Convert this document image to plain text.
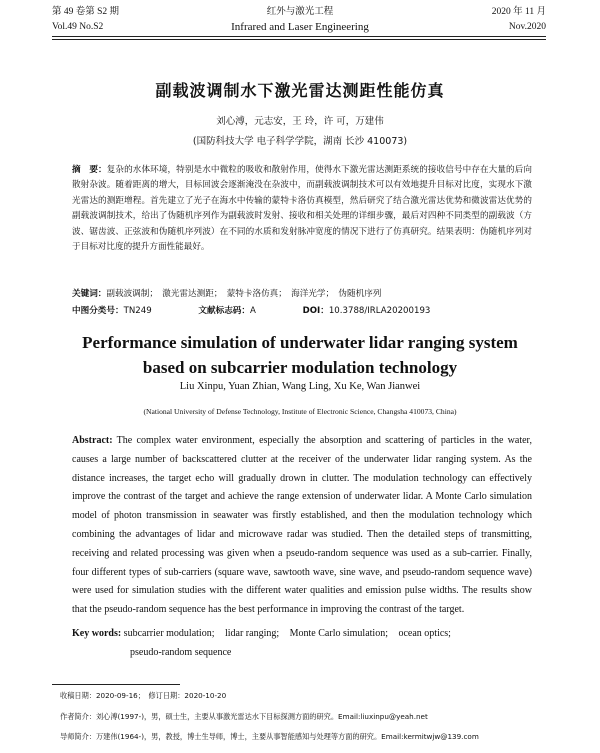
第 49 卷第 S2 期	红外与激光工程	2020 年 11 月
Vol.49 No.S2	Infrared and Laser Engineering	Nov.2020
副载波调制水下激光雷达测距性能仿真
刘心溥，元志安，王 玲，许 可，万建伟
(国防科技大学 电子科学学院，湖南 长沙 410073)
摘　要：复杂的水体环境，特别是水中微粒的吸收和散射作用，使得水下激光雷达测距系统的接收信号中存在大量的后向散射杂波。随着距离的增大，目标回波会逐渐淹没在杂波中，而副载波调制技术可以有效地提升目标对比度，实现水下激光雷达的测距增程。首先建立了光子在海水中传输的蒙特卡洛仿真模型，然后研究了结合激光雷达优势和微波雷达优势的副载波调制技术，给出了伪随机序列作为副载波时发射、接收和相关处理的详细步骤，最后对四种不同类型的副载波（方波、锯齿波、正弦波和伪随机序列波）在不同的水质和发射脉冲宽度的情况下进行了仿真研究。结果表明：伪随机序列对于目标对比度的提升方面性能最好。
关键词：副载波调制；　激光雷达测距；　蒙特卡洛仿真；　海洋光学；　伪随机序列
中图分类号：TN249	文献标志码：A	DOI：10.3788/IRLA20200193
Performance simulation of underwater lidar ranging system based on subcarrier modulation technology
Liu Xinpu, Yuan Zhian, Wang Ling, Xu Ke, Wan Jianwei
(National University of Defense Technology, Institute of Electronic Science, Changsha 410073, China)
Abstract: The complex water environment, especially the absorption and scattering of particles in the water, causes a large number of backscattered clutter at the receiver of the underwater lidar ranging system. As the distance increases, the target echo will gradually drown in clutter. The modulation technology can effectively improve the contrast of the target and achieve the range extension of underwater lidar. A Monte Carlo simulation model of photon transmission in seawater was firstly established, and then the modulation technology which combining the advantages of lidar and microwave radar was studied. Then the detailed steps of transmitting, receiving and related processing was given when a pseudo-random sequence was used as a sub-carrier. Finally, four different types of sub-carriers (square wave, sawtooth wave, sine wave, and pseudo-random sequence wave) were used for simulation studies with the different water qualities and emission pulse widths. The results show that the pseudo-random sequence has the best performance in improving the contrast of the target.
Key words: subcarrier modulation; lidar ranging; Monte Carlo simulation; ocean optics;
pseudo-random sequence
收稿日期：2020-09-16；　修订日期：2020-10-20
作者简介：刘心溥(1997-)，男，硕士生，主要从事激光雷达水下目标探测方面的研究。Email:liuxinpu@yeah.net
导师简介：万建伟(1964-)，男，教授，博士生导师，博士，主要从事智能感知与处理等方面的研究。Email:kermitwjw@139.com
